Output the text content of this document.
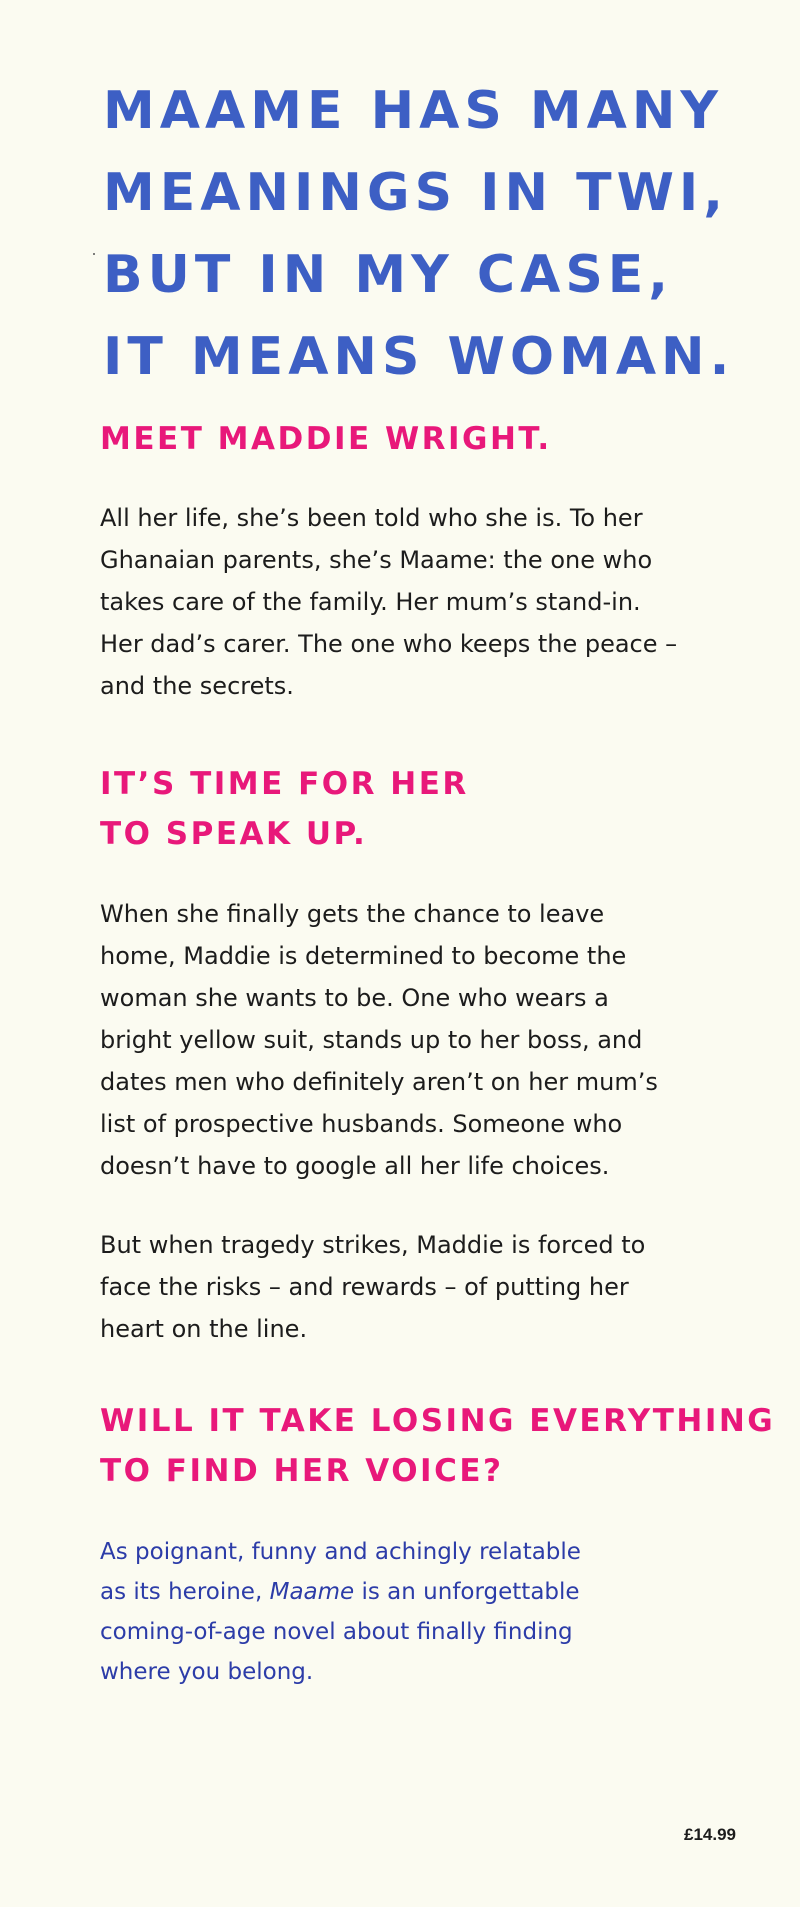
MAAME HAS MANY
MEANINGS IN TWI,
BUT IN MY CASE,
IT MEANS WOMAN.
MEET MADDIE WRIGHT.

All her life, she’s been told who she is. To her
Ghanaian parents, she’s Maame: the one who
takes care of the family. Her mum’s stand-in.
Her dad’s carer. The one who keeps the peace –
and the secrets.

IT’S TIME FOR HER
TO SPEAK UP.

When she finally gets the chance to leave
home, Maddie is determined to become the
woman she wants to be. One who wears a
bright yellow suit, stands up to her boss, and
dates men who definitely aren’t on her mum’s
list of prospective husbands. Someone who
doesn’t have to google all her life choices.

But when tragedy strikes, Maddie is forced to
face the risks – and rewards – of putting her
heart on the line.

WILL IT TAKE LOSING EVERYTHING
TO FIND HER VOICE?

As poignant, funny and achingly relatable
as its heroine, Maame is an unforgettable
coming-of-age novel about finally finding
where you belong.

£14.99
